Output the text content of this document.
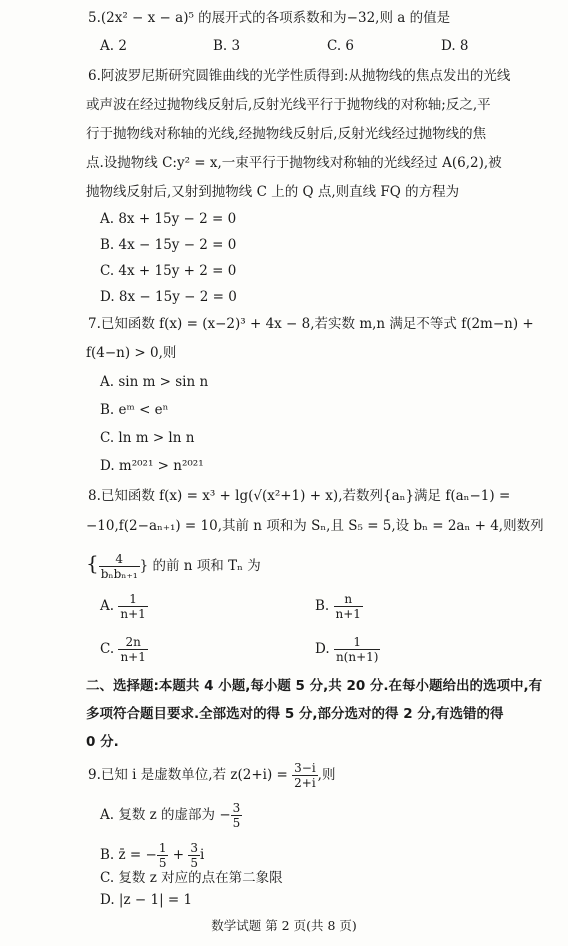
5.(2x² − x − a)⁵ 的展开式的各项系数和为−32,则 a 的值是
A. 2	B. 3	C. 6	D. 8
6.阿波罗尼斯研究圆锥曲线的光学性质得到:从抛物线的焦点发出的光线
或声波在经过抛物线反射后,反射光线平行于抛物线的对称轴;反之,平
行于抛物线对称轴的光线,经抛物线反射后,反射光线经过抛物线的焦
点.设抛物线 C:y² = x,一束平行于抛物线对称轴的光线经过 A(6,2),被
抛物线反射后,又射到抛物线 C 上的 Q 点,则直线 FQ 的方程为
A. 8x + 15y − 2 = 0
B. 4x − 15y − 2 = 0
C. 4x + 15y + 2 = 0
D. 8x − 15y − 2 = 0
7.已知函数 f(x) = (x−2)³ + 4x − 8,若实数 m,n 满足不等式 f(2m−n) +
f(4−n) > 0,则
A. sin m > sin n
B. eᵐ < eⁿ
C. ln m > ln n
D. m²⁰²¹ > n²⁰²¹
8.已知函数 f(x) = x³ + lg(√(x²+1) + x),若数列{aₙ}满足 f(aₙ−1) =
−10,f(2−aₙ₊₁) = 10,其前 n 项和为 Sₙ,且 S₅ = 5,设 bₙ = 2aₙ + 4,则数列
{ $\frac{4}{\text{bₙbₙ₊₁}}$ } 的前 n 项和 Tₙ 为
A. $\frac{1}{n+1}$	B. $\frac{n}{n+1}$
C. $\frac{2n}{n+1}$	D. $\frac{1}{n(n+1)}$
二、选择题:本题共 4 小题,每小题 5 分,共 20 分.在每小题给出的选项中,有
多项符合题目要求.全部选对的得 5 分,部分选对的得 2 分,有选错的得
0 分.
9.已知 i 是虚数单位,若 $z(2+i) = \frac{3-i}{2+i}$ ,则
A. 复数 z 的虚部为 − $\frac{3}{5}$
B. z̄ = − $\frac{1}{5} + \frac{3}{5}$ i
C. 复数 z 对应的点在第二象限
D. |z − 1| = 1
数学试题 第 2 页(共 8 页)
